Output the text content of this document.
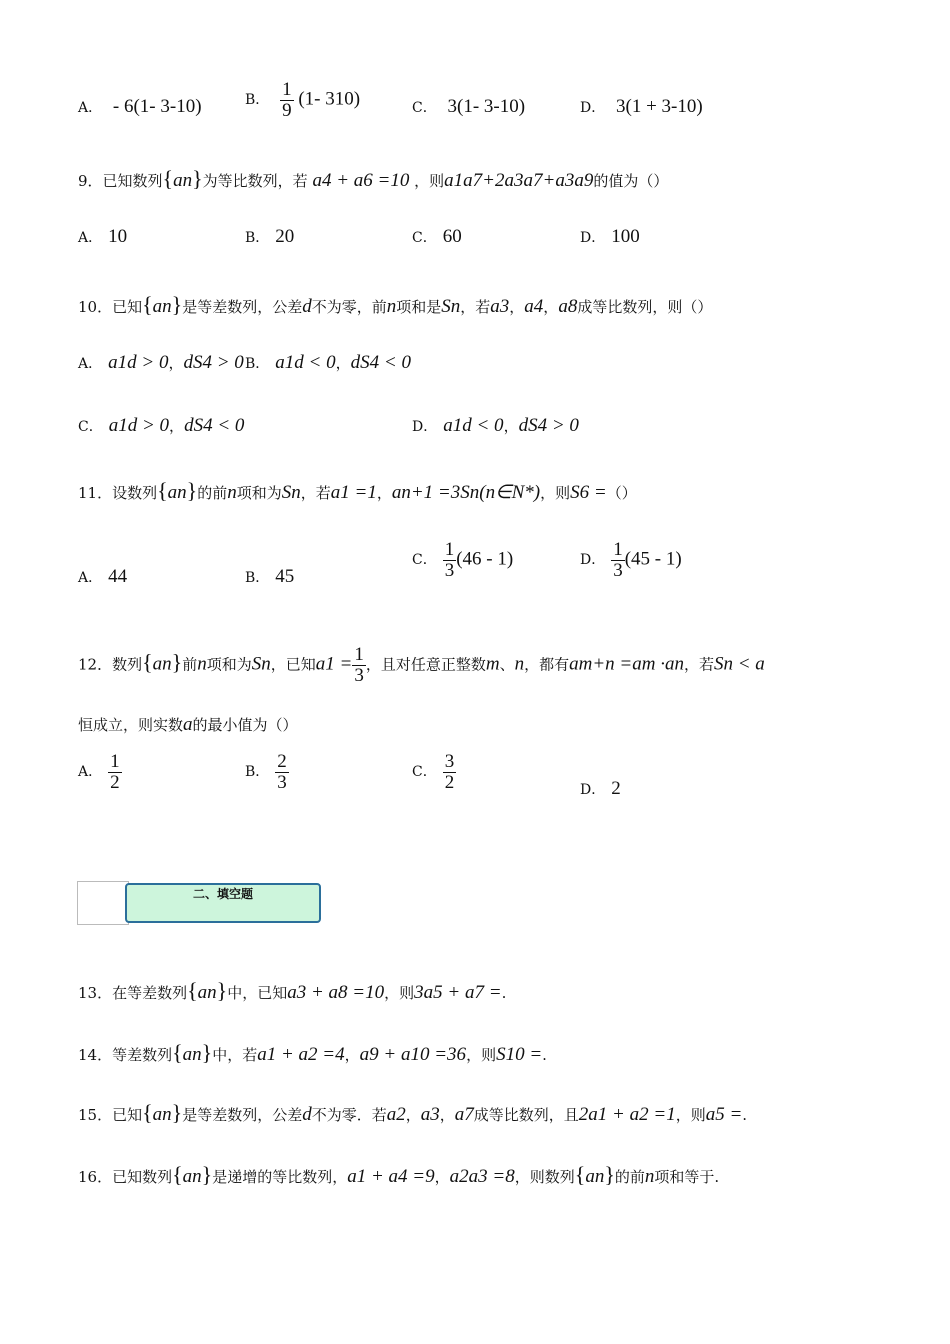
A． - 6(1- 3-10)	B． $\frac{1}{9} (1-$ 310)	C． 3(1- 3-10)	D． 3(1 + 3-10)
9．已知数列{an}为等比数列，若 a4 + a6 =10 ，则a1a7+2a3a7+a3a9的值为（）
A． 10	B． 20	C． 60	D． 100
10．已知{an}是等差数列，公差d不为零，前n项和是Sn，若a3，a4，a8成等比数列，则（）
A． a1d > 0，dS4 > 0 B． a1d < 0，dS4 < 0
C． a1d > 0，dS4 < 0	D． a1d < 0，dS4 > 0
11．设数列{an}的前n项和为Sn，若a1 =1，an+1 =3Sn(n∈N*)，则S6 =（）
A． 44	B． 45
C． $\frac{1}{3} (46 - 1)$	D． $\frac{1}{3} (45 - 1)$
12．数列{an}前n项和为Sn，已知$a1 = \frac{1}{3}$ ，且对任意正整数m、n，都有am+n =am ·an，若Sn < a
恒成立，则实数a的最小值为（）
A． $\frac{1}{2}$	B． $\frac{2}{3}$	C． $\frac{3}{2}$	D． 2
二、填空题
13．在等差数列{an}中，已知a3 + a8 =10，则3a5 + a7 =.
14．等差数列{an}中，若a1 + a2 =4，a9 + a10 =36，则S10 =.
15．已知{an}是等差数列，公差d不为零．若a2，a3，a7成等比数列，且2a1 + a2 =1，则a5 =.
16．已知数列{an}是递增的等比数列，a1 + a4 =9，a2a3 =8，则数列{an}的前n项和等于.
